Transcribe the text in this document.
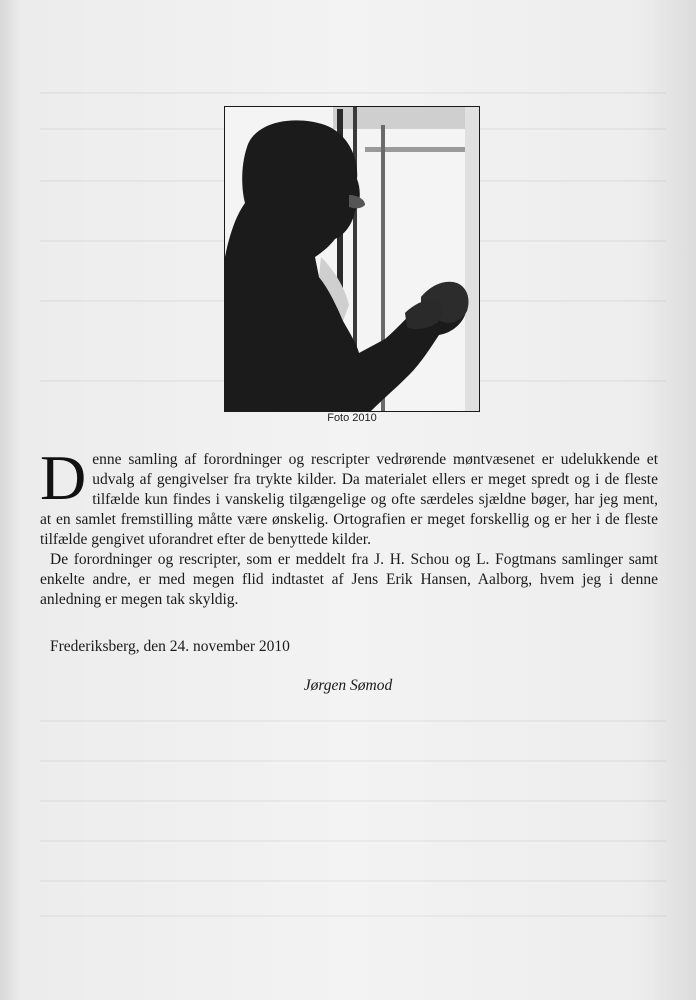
Foto 2010

Denne samling af forordninger og rescripter vedrørende møntvæsenet er udelukkende et udvalg af gengivelser fra trykte kilder. Da materialet ellers er meget spredt og i de fleste tilfælde kun findes i vanskelig tilgængelige og ofte særdeles sjældne bøger, har jeg ment, at en samlet fremstilling måtte være ønskelig. Ortografien er meget forskellig og er her i de fleste tilfælde gengivet uforandret efter de benyttede kilder.

De forordninger og rescripter, som er meddelt fra J. H. Schou og L. Fogtmans samlinger samt enkelte andre, er med megen flid indtastet af Jens Erik Hansen, Aalborg, hvem jeg i denne anledning er megen tak skyldig.

Frederiksberg, den 24. november 2010
Jørgen Sømod
